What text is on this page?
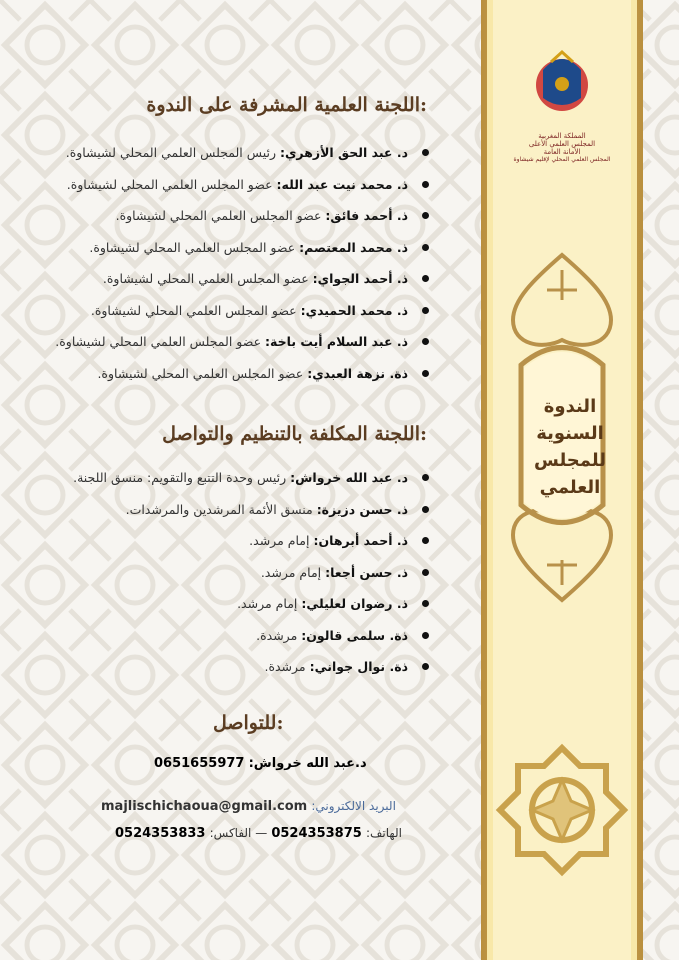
اللجنة العلمية المشرفة على الندوة:
د. عبد الحق الأزهري:

رئيس المجلس العلمي المحلي لشيشاوة.
ذ. محمد نيت عبد الله:

عضو المجلس العلمي المحلي لشيشاوة.
ذ. أحمد فائق:

عضو المجلس العلمي المحلي لشيشاوة.
ذ. محمد المعتصم:

عضو المجلس العلمي المحلي لشيشاوة.
ذ. أحمد الجواي:

عضو المجلس العلمي المحلي لشيشاوة.
ذ. محمد الحميدي:

عضو المجلس العلمي المحلي لشيشاوة.
ذ. عبد السلام أيت باخة:

عضو المجلس العلمي المحلي لشيشاوة.
ذة. نزهة العبدي:

عضو المجلس العلمي المحلي لشيشاوة.
اللجنة المكلفة بالتنظيم والتواصل:
د. عبد الله خرواش:

رئيس وحدة التتبع والتقويم: منسق اللجنة.
ذ. حسن دزيزة:

منسق الأئمة المرشدين والمرشدات.
ذ. أحمد أبرهان:

إمام مرشد.
ذ. حسن أجعا:

إمام مرشد.
ذ. رضوان لعليلي:

إمام مرشد.
ذة. سلمى قالون:

مرشدة.
ذة. نوال جواني:

مرشدة.
للتواصل:
د.عبد الله خرواش: 0651655977
البريد الالكتروني: majlischichaoua@gmail.com
الهاتف: 0524353875 — الفاكس: 0524353833
المملكة المغربية
المجلس العلمي الأعلى
الأمانة العامة
المجلس العلمي المحلي لإقليم شيشاوة
الندوة
السنوية
للمجلس
العلمي
